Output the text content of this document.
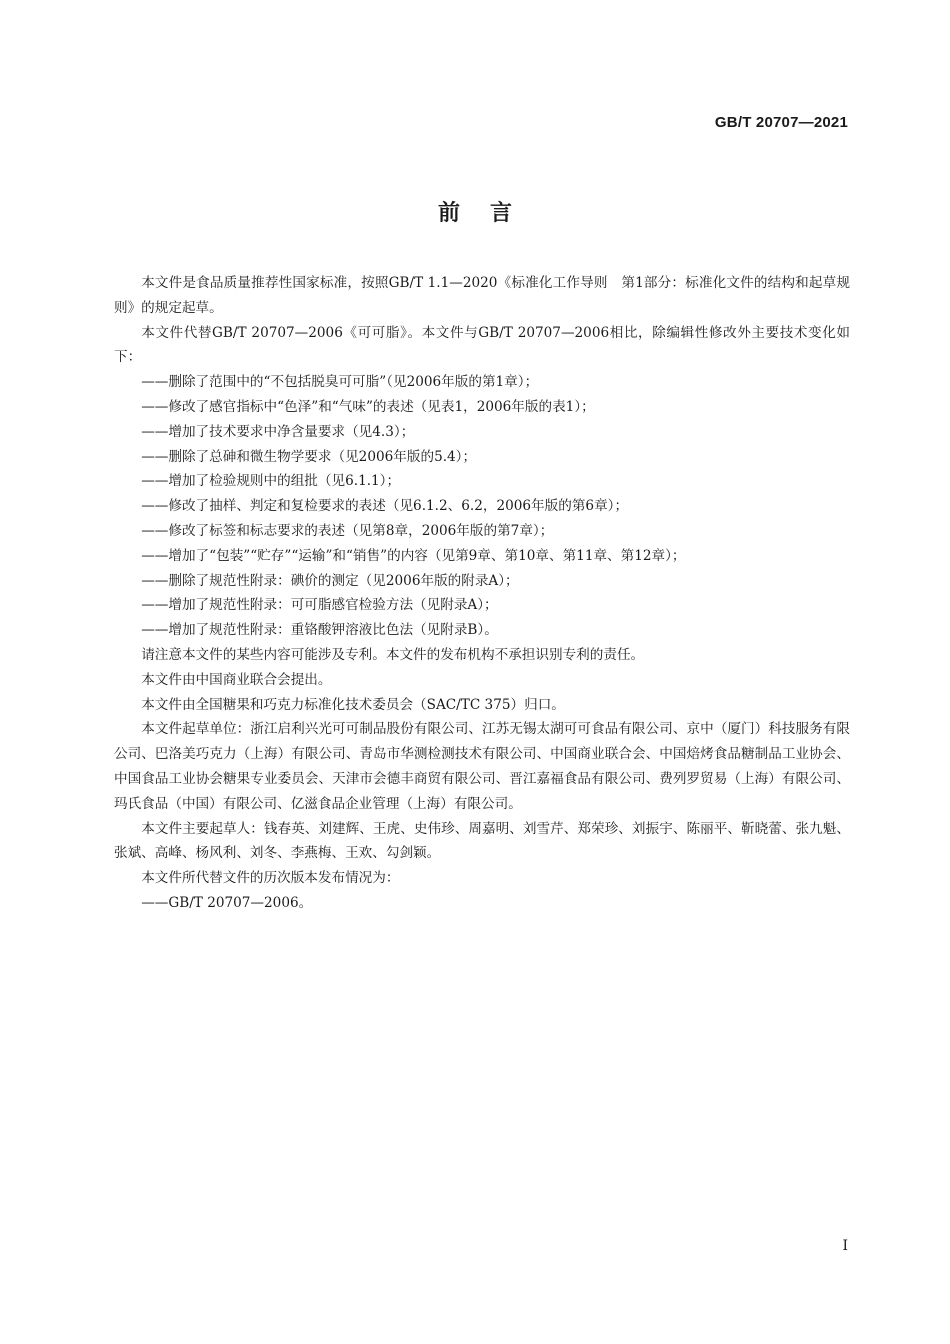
GB/T 20707—2021
前言

本文件是食品质量推荐性国家标准，按照GB/T 1.1—2020《标准化工作导则　第1部分：标准化文件的结构和起草规则》的规定起草。

本文件代替GB/T 20707—2006《可可脂》。本文件与GB/T 20707—2006相比，除编辑性修改外主要技术变化如下：

——删除了范围中的“不包括脱臭可可脂”（见2006年版的第1章）；

——修改了感官指标中“色泽”和“气味”的表述（见表1，2006年版的表1）；

——增加了技术要求中净含量要求（见4.3）；

——删除了总砷和微生物学要求（见2006年版的5.4）；

——增加了检验规则中的组批（见6.1.1）；

——修改了抽样、判定和复检要求的表述（见6.1.2、6.2，2006年版的第6章）；

——修改了标签和标志要求的表述（见第8章，2006年版的第7章）；

——增加了“包装”“贮存”“运输”和“销售”的内容（见第9章、第10章、第11章、第12章）；

——删除了规范性附录：碘价的测定（见2006年版的附录A）；

——增加了规范性附录：可可脂感官检验方法（见附录A）；

——增加了规范性附录：重铬酸钾溶液比色法（见附录B）。

请注意本文件的某些内容可能涉及专利。本文件的发布机构不承担识别专利的责任。

本文件由中国商业联合会提出。

本文件由全国糖果和巧克力标准化技术委员会（SAC/TC 375）归口。

本文件起草单位：浙江启利兴光可可制品股份有限公司、江苏无锡太湖可可食品有限公司、京中（厦门）科技服务有限公司、巴洛美巧克力（上海）有限公司、青岛市华测检测技术有限公司、中国商业联合会、中国焙烤食品糖制品工业协会、中国食品工业协会糖果专业委员会、天津市会德丰商贸有限公司、晋江嘉福食品有限公司、费列罗贸易（上海）有限公司、玛氏食品（中国）有限公司、亿滋食品企业管理（上海）有限公司。

本文件主要起草人：钱春英、刘建辉、王虎、史伟珍、周嘉明、刘雪芹、郑荣珍、刘振宇、陈丽平、靳晓蕾、张九魁、张斌、高峰、杨风利、刘冬、李燕梅、王欢、勾剑颖。

本文件所代替文件的历次版本发布情况为：

——GB/T 20707—2006。

I
